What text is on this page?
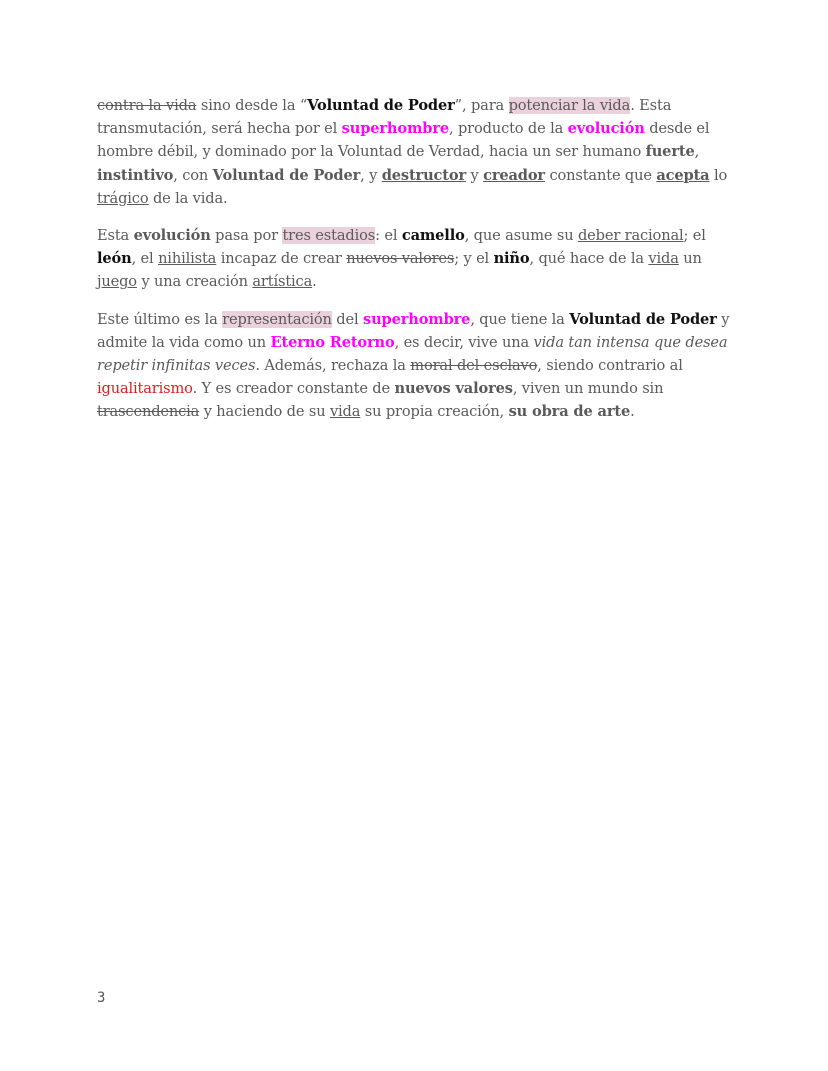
contra la vida sino desde la “Voluntad de Poder”, para potenciar la vida. Esta transmutación, será hecha por el superhombre, producto de la evolución desde el hombre débil, y dominado por la Voluntad de Verdad, hacia un ser humano fuerte, instintivo, con Voluntad de Poder, y destructor y creador constante que acepta lo trágico de la vida.

Esta evolución pasa por tres estadios: el camello, que asume su deber racional; el león, el nihilista incapaz de crear nuevos valores; y el niño, qué hace de la vida un juego y una creación artística.

Este último es la representación del superhombre, que tiene la Voluntad de Poder y admite la vida como un Eterno Retorno, es decir, vive una vida tan intensa que desea repetir infinitas veces. Además, rechaza la moral del esclavo, siendo contrario al igualitarismo. Y es creador constante de nuevos valores, viven un mundo sin trascendencia y haciendo de su vida su propia creación, su obra de arte.

3
